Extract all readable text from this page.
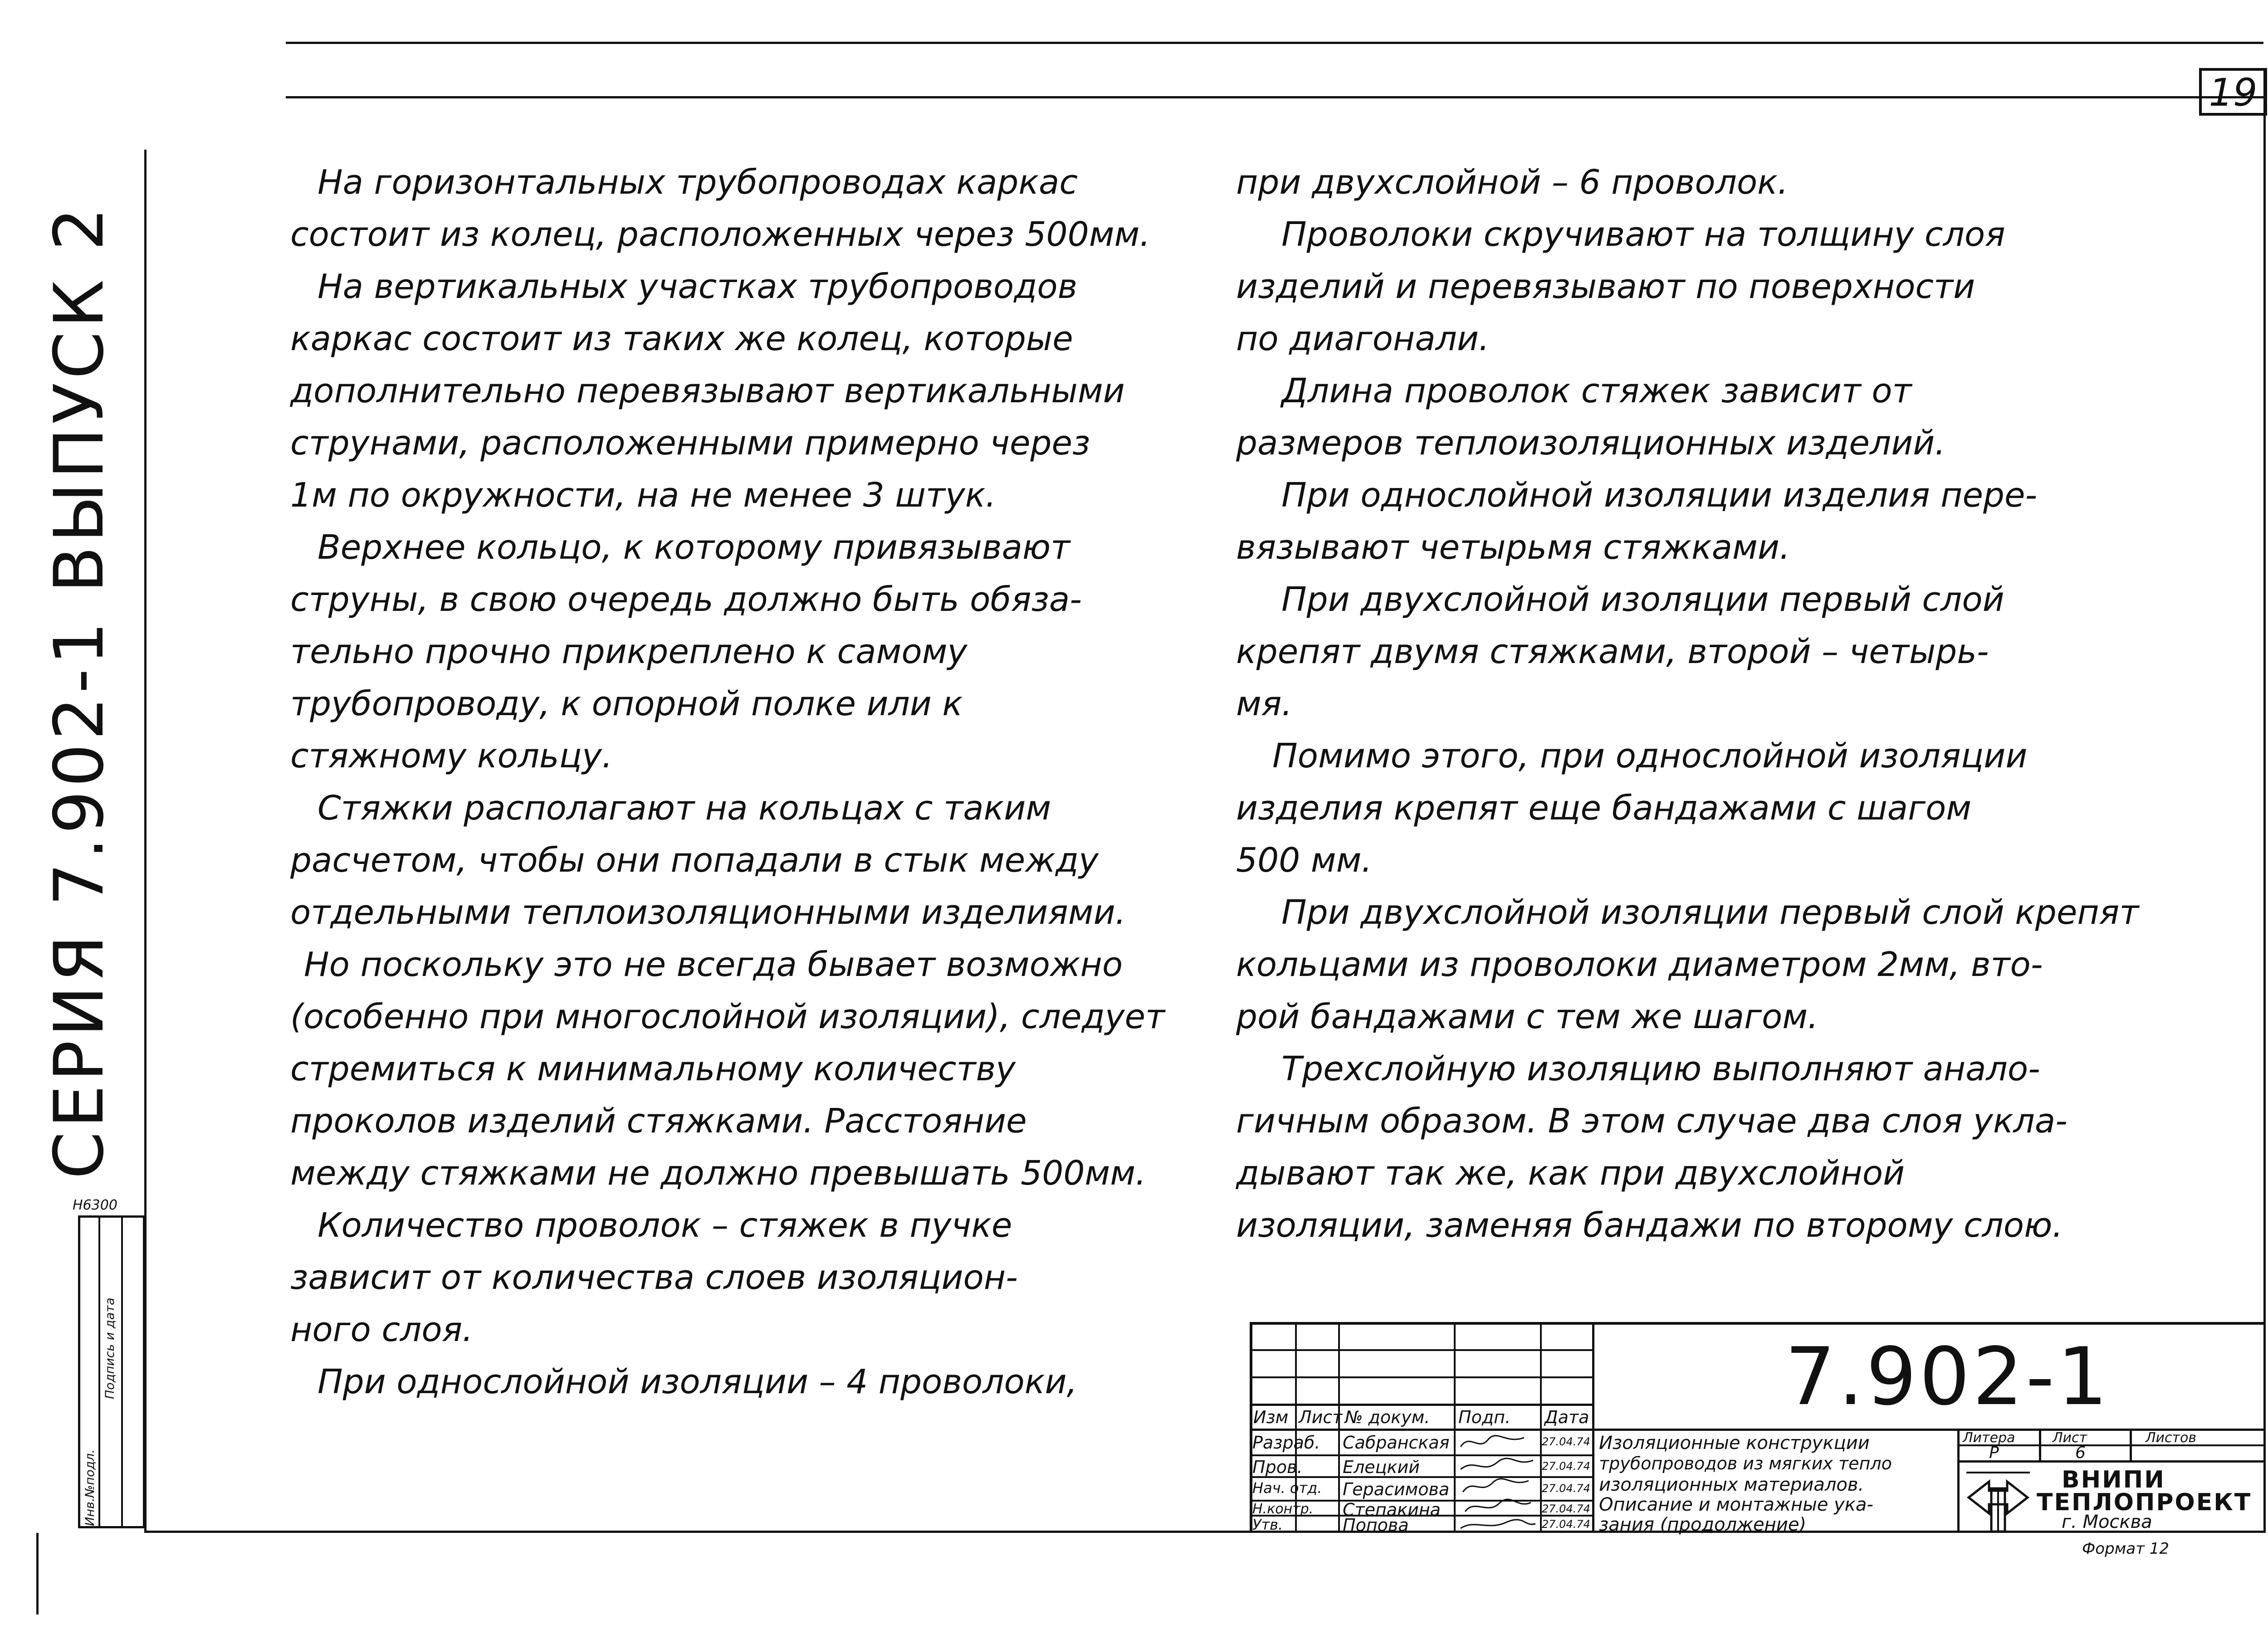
19
СЕРИЯ 7.902-1 ВЫПУСК 2
Н6300
Инв.№подл.
Подпись и дата

На горизонтальных трубопроводах каркас

состоит из колец, расположенных через 500мм.

На вертикальных участках трубопроводов

каркас состоит из таких же колец, которые

дополнительно перевязывают вертикальными

струнами, расположенными примерно через

1м по окружности, на не менее 3 штук.

Верхнее кольцо, к которому привязывают

струны, в свою очередь должно быть обяза-

тельно прочно прикреплено к самому

трубопроводу, к опорной полке или к

стяжному кольцу.

Стяжки располагают на кольцах с таким

расчетом, чтобы они попадали в стык между

отдельными теплоизоляционными изделиями.

Но поскольку это не всегда бывает возможно

(особенно при многослойной изоляции), следует

стремиться к минимальному количеству

проколов изделий стяжками. Расстояние

между стяжками не должно превышать 500мм.

Количество проволок – стяжек в пучке

зависит от количества слоев изоляцион-

ного слоя.

При однослойной изоляции – 4 проволоки,

при двухслойной – 6 проволок.

Проволоки скручивают на толщину слоя

изделий и перевязывают по поверхности

по диагонали.

Длина проволок стяжек зависит от

размеров теплоизоляционных изделий.

При однослойной изоляции изделия пере-

вязывают четырьмя стяжками.

При двухслойной изоляции первый слой

крепят двумя стяжками, второй – четырь-

мя.

Помимо этого, при однослойной изоляции

изделия крепят еще бандажами с шагом

500 мм.

При двухслойной изоляции первый слой крепят

кольцами из проволоки диаметром 2мм, вто-

рой бандажами с тем же шагом.

Трехслойную изоляцию выполняют анало-

гичным образом. В этом случае два слоя укла-

дывают так же, как при двухслойной

изоляции, заменяя бандажи по второму слою.

Изм Лист № докум. Подп. Дата
Разраб. Сабранская	27.04.74
Пров. Елецкий	27.04.74
Нач. отд. Герасимова	27.04.74
Н.контр. Степакина	27.04.74
Утв.	Попова	27.04.74
7.902-1
Изоляционные конструкции
трубопроводов из мягких тепло
изоляционных материалов.
Описание и монтажные ука-
зания (продолжение)
Литера	Лист	Листов
Р	6
ВНИПИ
ТЕПЛОПРОЕКТ
г. Москва
Формат 12
